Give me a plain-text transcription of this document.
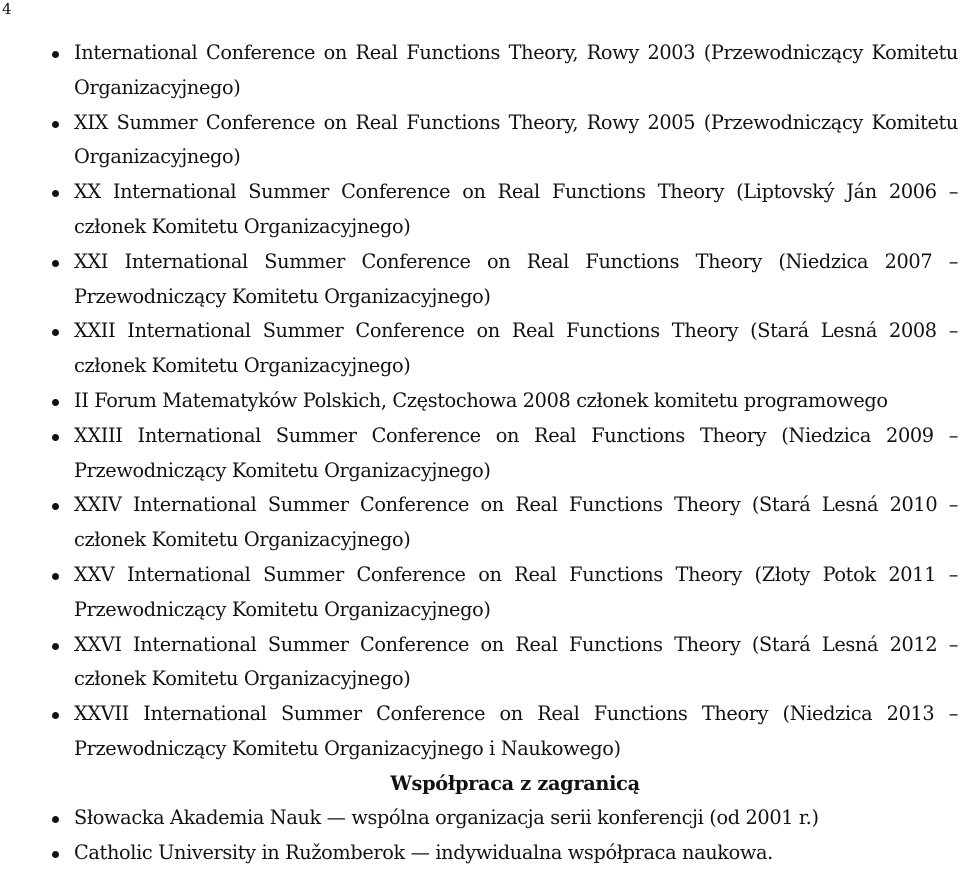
4
International Conference on Real Functions Theory, Rowy 2003 (Przewodniczący Komitetu Organizacyjnego)
XIX Summer Conference on Real Functions Theory, Rowy 2005 (Przewodniczący Komitetu Organizacyjnego)
XX International Summer Conference on Real Functions Theory (Liptovský Ján 2006 – członek Komitetu Organizacyjnego)
XXI International Summer Conference on Real Functions Theory (Niedzica 2007 – Przewodniczący Komitetu Organizacyjnego)
XXII International Summer Conference on Real Functions Theory (Stará Lesná 2008 – członek Komitetu Organizacyjnego)
II Forum Matematyków Polskich, Częstochowa 2008 członek komitetu programowego
XXIII International Summer Conference on Real Functions Theory (Niedzica 2009 – Przewodniczący Komitetu Organizacyjnego)
XXIV International Summer Conference on Real Functions Theory (Stará Lesná 2010 – członek Komitetu Organizacyjnego)
XXV International Summer Conference on Real Functions Theory (Złoty Potok 2011 – Przewodniczący Komitetu Organizacyjnego)
XXVI International Summer Conference on Real Functions Theory (Stará Lesná 2012 – członek Komitetu Organizacyjnego)
XXVII International Summer Conference on Real Functions Theory (Niedzica 2013 – Przewodniczący Komitetu Organizacyjnego i Naukowego)
Współpraca z zagranicą
Słowacka Akademia Nauk — wspólna organizacja serii konferencji (od 2001 r.)
Catholic University in Ružomberok — indywidualna współpraca naukowa.
